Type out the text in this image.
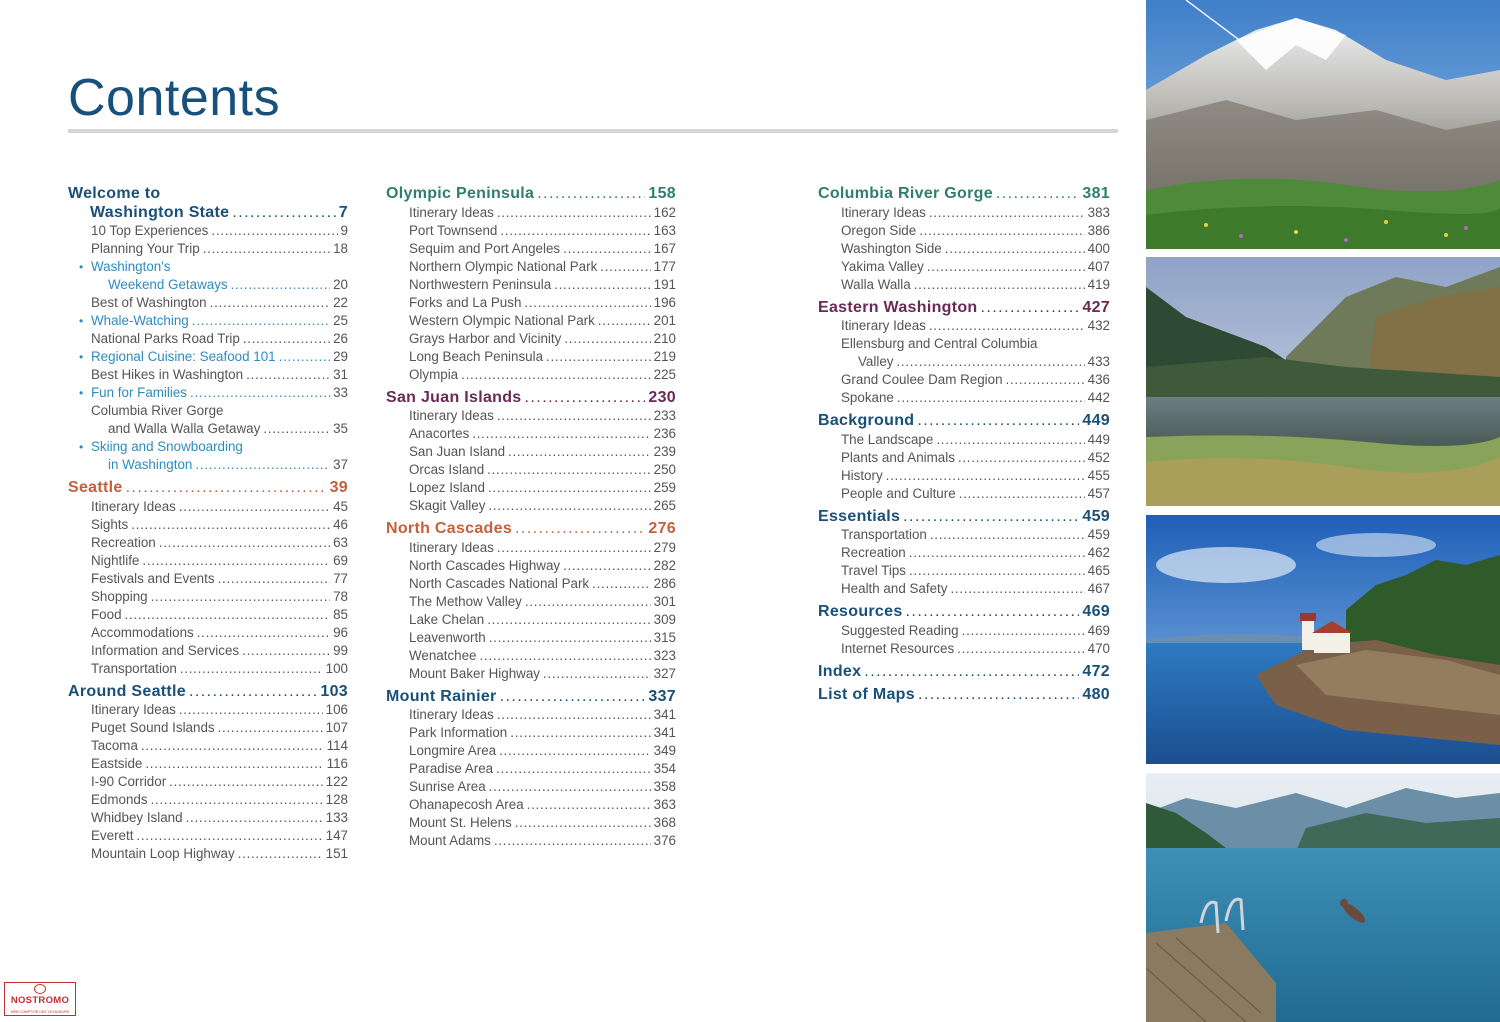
Contents
Welcome to
Washington State . . .	7
10 Top Experiences . . .	9
Planning Your Trip . . .	18
• Washington's
Weekend Getaways . . .	20
Best of Washington . . .	22
• Whale-Watching . . .	25
National Parks Road Trip . . .	26
• Regional Cuisine: Seafood 101 . . .	29
Best Hikes in Washington . . .	31
• Fun for Families . . .	33
Columbia River Gorge
and Walla Walla Getaway . . .	35
• Skiing and Snowboarding
in Washington . . .	37
Seattle . . .	39
Itinerary Ideas . . .	45
Sights . . .	46
Recreation . . .	63
Nightlife . . .	69
Festivals and Events . . .	77
Shopping . . .	78
Food . . .	85
Accommodations . . .	96
Information and Services . . .	99
Transportation . . .	100
Around Seattle . . .	103
Itinerary Ideas . . .	106
Puget Sound Islands . . .	107
Tacoma . . .	114
Eastside . . .	116
I-90 Corridor . . .	122
Edmonds . . .	128
Whidbey Island . . .	133
Everett . . .	147
Mountain Loop Highway . . .	151
Olympic Peninsula . . .	158
Itinerary Ideas . . .	162
Port Townsend . . .	163
Sequim and Port Angeles . . .	167
Northern Olympic National Park . . .	177
Northwestern Peninsula . . .	191
Forks and La Push . . .	196
Western Olympic National Park . . .	201
Grays Harbor and Vicinity . . .	210
Long Beach Peninsula . . .	219
Olympia . . .	225
San Juan Islands . . .	230
Itinerary Ideas . . .	233
Anacortes . . .	236
San Juan Island . . .	239
Orcas Island . . .	250
Lopez Island . . .	259
Skagit Valley . . .	265
North Cascades . . .	276
Itinerary Ideas . . .	279
North Cascades Highway . . .	282
North Cascades National Park . . .	286
The Methow Valley . . .	301
Lake Chelan . . .	309
Leavenworth . . .	315
Wenatchee . . .	323
Mount Baker Highway . . .	327
Mount Rainier . . .	337
Itinerary Ideas . . .	341
Park Information . . .	341
Longmire Area . . .	349
Paradise Area . . .	354
Sunrise Area . . .	358
Ohanapecosh Area . . .	363
Mount St. Helens . . .	368
Mount Adams . . .	376
Columbia River Gorge . . .	381
Itinerary Ideas . . .	383
Oregon Side . . .	386
Washington Side . . .	400
Yakima Valley . . .	407
Walla Walla . . .	419
Eastern Washington . . .	427
Itinerary Ideas . . .	432
Ellensburg and Central Columbia
Valley . . .	433
Grand Coulee Dam Region . . .	436
Spokane . . .	442
Background . . .	449
The Landscape . . .	449
Plants and Animals . . .	452
History . . .	455
People and Culture . . .	457
Essentials . . .	459
Transportation . . .	459
Recreation . . .	462
Travel Tips . . .	465
Health and Safety . . .	467
Resources . . .	469
Suggested Reading . . .	469
Internet Resources . . .	470
Index . . .	472
List of Maps . . .	480
NOSTROMO
WEB COMPTOIR DES VOYAGEURS
